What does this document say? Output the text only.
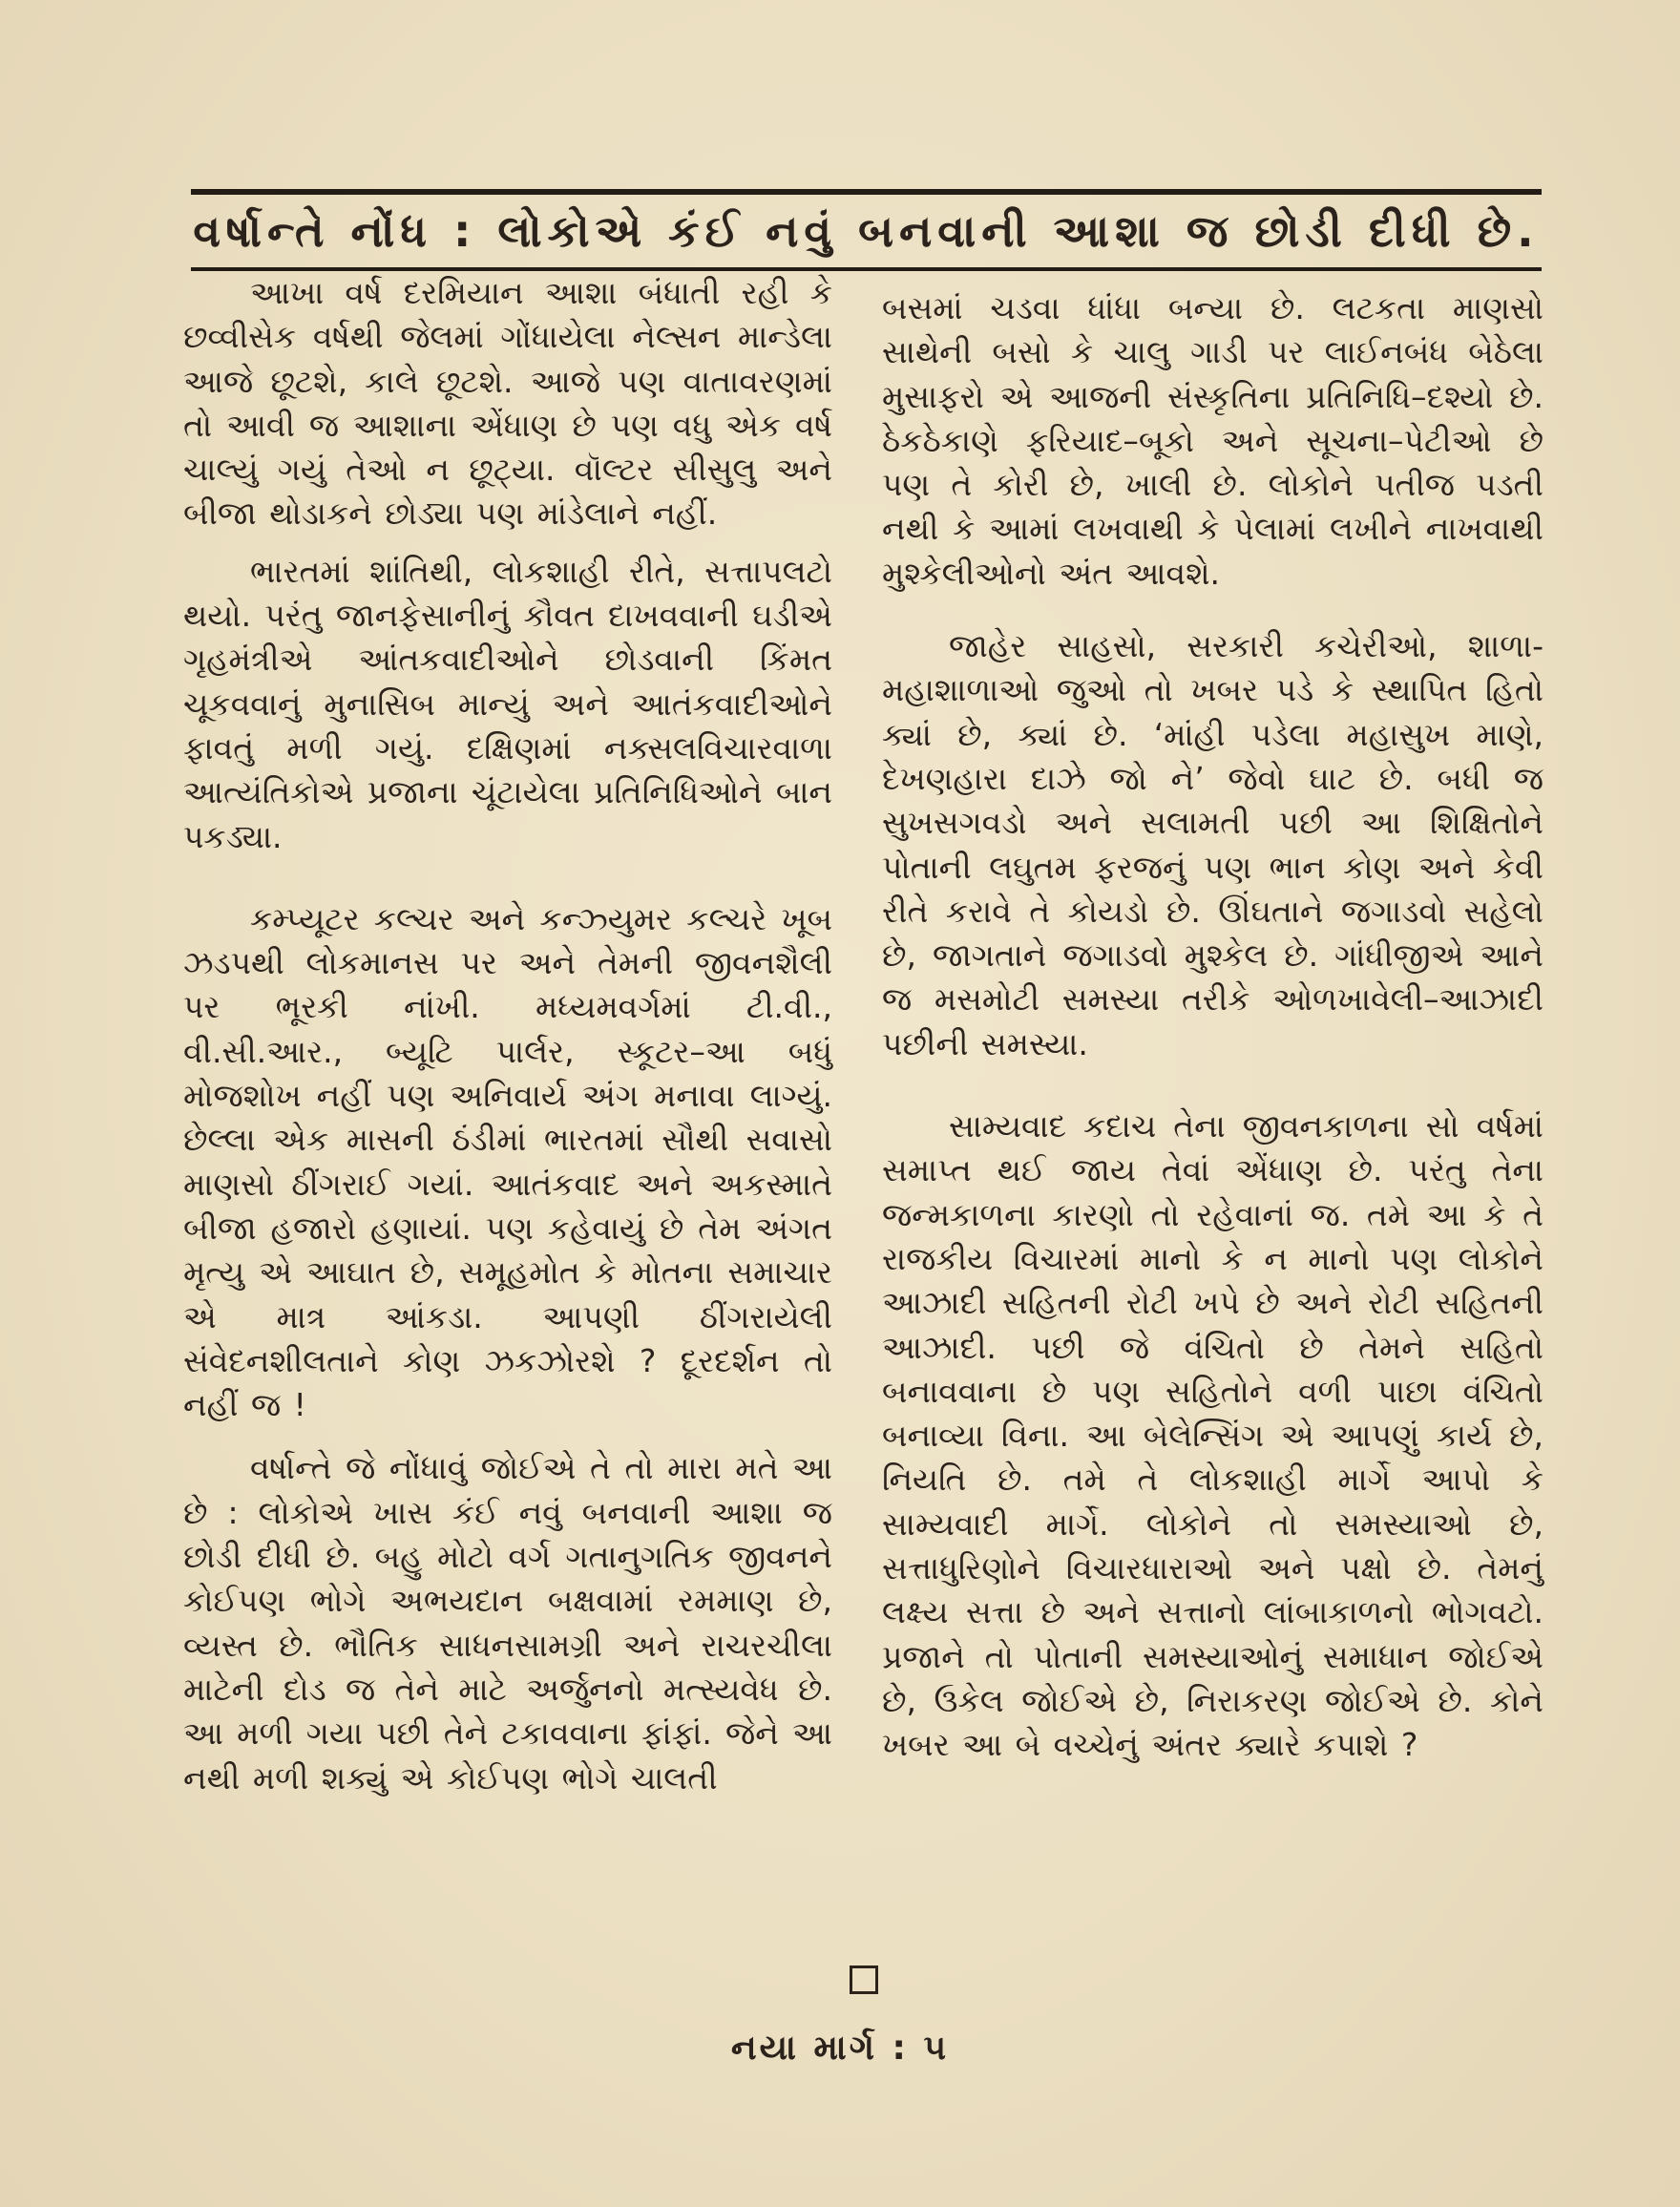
વર્ષાન્તે નોંધ : લોકોએ કંઈ નવું બનવાની આશા જ છોડી દીધી છે.

આખા વર્ષ દરમિયાન આશા બંધાતી રહી કે છવ્વીસેક વર્ષથી જેલમાં ગોંધાયેલા નેલ્સન માન્ડેલા આજે છૂટશે, કાલે છૂટશે. આજે પણ વાતાવરણમાં તો આવી જ આશાના એંધાણ છે પણ વધુ એક વર્ષ ચાલ્યું ગયું તેઓ ન છૂટ્યા. વૉલ્ટર સીસુલુ અને બીજા થોડાકને છોડ્યા પણ માંડેલાને નહીં.

ભારતમાં શાંતિથી, લોકશાહી રીતે, સત્તાપલટો થયો. પરંતુ જાનફેસાનીનું કૌવત દાખવવાની ઘડીએ ગૃહમંત્રીએ આંતકવાદીઓને છોડવાની કિંમત ચૂકવવાનું મુનાસિબ માન્યું અને આતંકવાદીઓને ફાવતું મળી ગયું. દક્ષિણમાં નક્સલવિચારવાળા આત્યંતિકોએ પ્રજાના ચૂંટાયેલા પ્રતિનિધિઓને બાન પકડ્યા.

કમ્પ્યૂટર કલ્ચર અને કન્ઝ્યુમર કલ્ચરે ખૂબ ઝડપથી લોકમાનસ પર અને તેમની જીવનશૈલી પર ભૂરકી નાંખી. મધ્યમવર્ગમાં ટી.વી., વી.સી.આર., બ્યૂટિ પાર્લર, સ્કૂટર–આ બધું મોજશોખ નહીં પણ અનિવાર્ય અંગ મનાવા લાગ્યું. છેલ્લા એક માસની ઠંડીમાં ભારતમાં સૌથી સવાસો માણસો ઠીંગરાઈ ગયાં. આતંકવાદ અને અકસ્માતે બીજા હજારો હણાયાં. પણ કહેવાયું છે તેમ અંગત મૃત્યુ એ આઘાત છે, સમૂહમોત કે મોતના સમાચાર એ માત્ર આંકડા. આપણી ઠીંગરાયેલી સંવેદનશીલતાને કોણ ઝકઝોરશે ? દૂરદર્શન તો નહીં જ !

વર્ષાન્તે જે નોંધાવું જોઈએ તે તો મારા મતે આ છે : લોકોએ ખાસ કંઈ નવું બનવાની આશા જ છોડી દીધી છે. બહુ મોટો વર્ગ ગતાનુગતિક જીવનને કોઈપણ ભોગે અભયદાન બક્ષવામાં રમમાણ છે, વ્યસ્ત છે. ભૌતિક સાધનસામગ્રી અને રાચરચીલા માટેની દોડ જ તેને માટે અર્જુનનો મત્સ્યવેધ છે. આ મળી ગયા પછી તેને ટકાવવાના ફાંફાં. જેને આ નથી મળી શક્યું એ કોઈપણ ભોગે ચાલતી

બસમાં ચડવા ધાંધા બન્યા છે. લટકતા માણસો સાથેની બસો કે ચાલુ ગાડી પર લાઈનબંધ બેઠેલા મુસાફરો એ આજની સંસ્કૃતિના પ્રતિનિધિ–દશ્યો છે. ઠેકઠેકાણે ફરિયાદ–બૂકો અને સૂચના–પેટીઓ છે પણ તે કોરી છે, ખાલી છે. લોકોને પતીજ પડતી નથી કે આમાં લખવાથી કે પેલામાં લખીને નાખવાથી મુશ્કેલીઓનો અંત આવશે.

જાહેર સાહસો, સરકારી કચેરીઓ, શાળા-મહાશાળાઓ જુઓ તો ખબર પડે કે સ્થાપિત હિતો ક્યાં છે, ક્યાં છે. ‘માંહી પડેલા મહાસુખ માણે, દેખણહારા દાઝે જો ને’ જેવો ઘાટ છે. બધી જ સુખસગવડો અને સલામતી પછી આ શિક્ષિતોને પોતાની લઘુતમ ફરજનું પણ ભાન કોણ અને કેવી રીતે કરાવે તે કોયડો છે. ઊંઘતાને જગાડવો સહેલો છે, જાગતાને જગાડવો મુશ્કેલ છે. ગાંધીજીએ આને જ મસમોટી સમસ્યા તરીકે ઓળખાવેલી–આઝાદી પછીની સમસ્યા.

સામ્યવાદ કદાચ તેના જીવનકાળના સો વર્ષમાં સમાપ્ત થઈ જાય તેવાં એંધાણ છે. પરંતુ તેના જન્મકાળના કારણો તો રહેવાનાં જ. તમે આ કે તે રાજકીય વિચારમાં માનો કે ન માનો પણ લોકોને આઝાદી સહિતની રોટી ખપે છે અને રોટી સહિતની આઝાદી. પછી જે વંચિતો છે તેમને સહિતો બનાવવાના છે પણ સહિતોને વળી પાછા વંચિતો બનાવ્યા વિના. આ બેલેન્સિંગ એ આપણું કાર્ય છે, નિયતિ છે. તમે તે લોકશાહી માર્ગે આપો કે સામ્યવાદી માર્ગે. લોકોને તો સમસ્યાઓ છે, સત્તાધુરિણોને વિચારધારાઓ અને પક્ષો છે. તેમનું લક્ષ્ય સત્તા છે અને સત્તાનો લાંબાકાળનો ભોગવટો. પ્રજાને તો પોતાની સમસ્યાઓનું સમાધાન જોઈએ છે, ઉકેલ જોઈએ છે, નિરાકરણ જોઈએ છે. કોને ખબર આ બે વચ્ચેનું અંતર ક્યારે કપાશે ?

નયા માર્ગ : ૫
